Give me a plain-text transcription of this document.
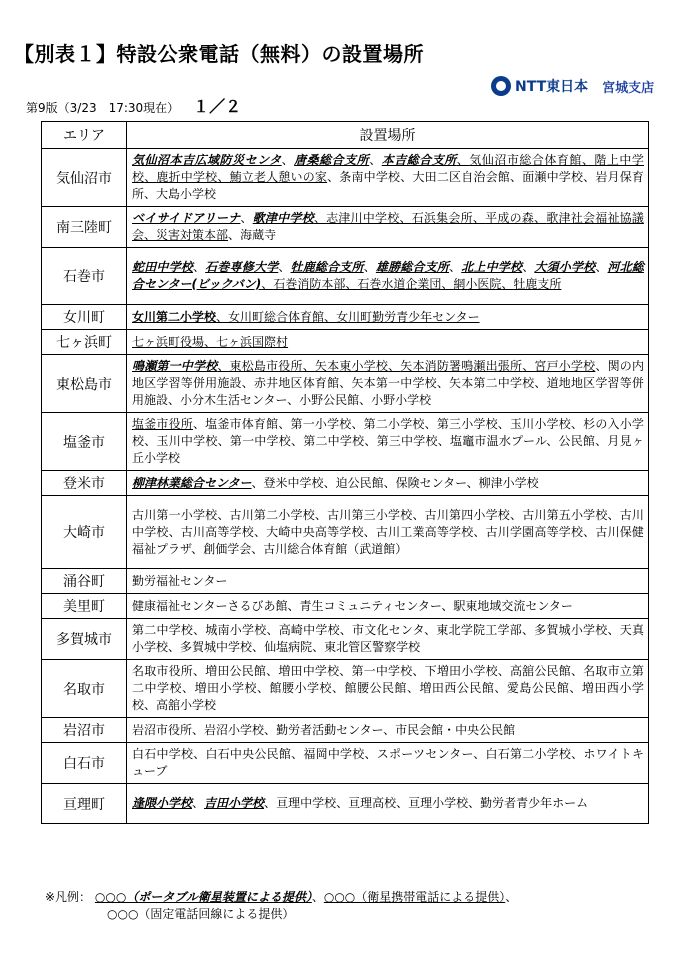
【別表１】特設公衆電話（無料）の設置場所
第9版（3/23　17:30現在） １／２
NTT東日本 宮城支店
エリア	設置場所
気仙沼市	気仙沼本吉広域防災センタ、唐桑総合支所、本吉総合支所、気仙沼市総合体育館、階上中学校、鹿折中学校、鮪立老人憩いの家、条南中学校、大田二区自治会館、面瀬中学校、岩月保育所、大島小学校
南三陸町	ベイサイドアリーナ、歌津中学校、志津川中学校、石浜集会所、平成の森、歌津社会福祉協議会、災害対策本部、海蔵寺
石巻市	蛇田中学校、石巻専修大学、牡鹿総合支所、雄勝総合支所、北上中学校、大須小学校、河北総合センター(ビックバン)、石巻消防本部、石巻水道企業団、網小医院、牡鹿支所
女川町	女川第二小学校、女川町総合体育館、女川町勤労青少年センター
七ヶ浜町	七ヶ浜町役場、七ヶ浜国際村
東松島市	鳴瀬第一中学校、東松島市役所、矢本東小学校、矢本消防署鳴瀬出張所、宮戸小学校、関の内地区学習等併用施設、赤井地区体育館、矢本第一中学校、矢本第二中学校、道地地区学習等併用施設、小分木生活センター、小野公民館、小野小学校
塩釜市	塩釜市役所、塩釜市体育館、第一小学校、第二小学校、第三小学校、玉川小学校、杉の入小学校、玉川中学校、第一中学校、第二中学校、第三中学校、塩竈市温水プール、公民館、月見ヶ丘小学校
登米市	柳津林業総合センター、登米中学校、迫公民館、保険センター、柳津小学校
大崎市	古川第一小学校、古川第二小学校、古川第三小学校、古川第四小学校、古川第五小学校、古川中学校、古川高等学校、大崎中央高等学校、古川工業高等学校、古川学園高等学校、古川保健福祉プラザ、創価学会、古川総合体育館（武道館）
涌谷町	勤労福祉センター
美里町	健康福祉センターさるびあ館、青生コミュニティセンター、駅東地域交流センター
多賀城市	第二中学校、城南小学校、高崎中学校、市文化センタ、東北学院工学部、多賀城小学校、天真小学校、多賀城中学校、仙塩病院、東北管区警察学校
名取市	名取市役所、増田公民館、増田中学校、第一中学校、下増田小学校、高舘公民館、名取市立第二中学校、増田小学校、館腰小学校、館腰公民館、増田西公民館、愛島公民館、増田西小学校、高舘小学校
岩沼市	岩沼市役所、岩沼小学校、勤労者活動センター、市民会館・中央公民館
白石市	白石中学校、白石中央公民館、福岡中学校、スポーツセンター、白石第二小学校、ホワイトキューブ
亘理町	逢隈小学校、吉田小学校、亘理中学校、亘理高校、亘理小学校、勤労者青少年ホーム
※凡例： ○○○（ポータブル衛星装置による提供）、○○○（衛星携帯電話による提供）、
○○○（固定電話回線による提供）
